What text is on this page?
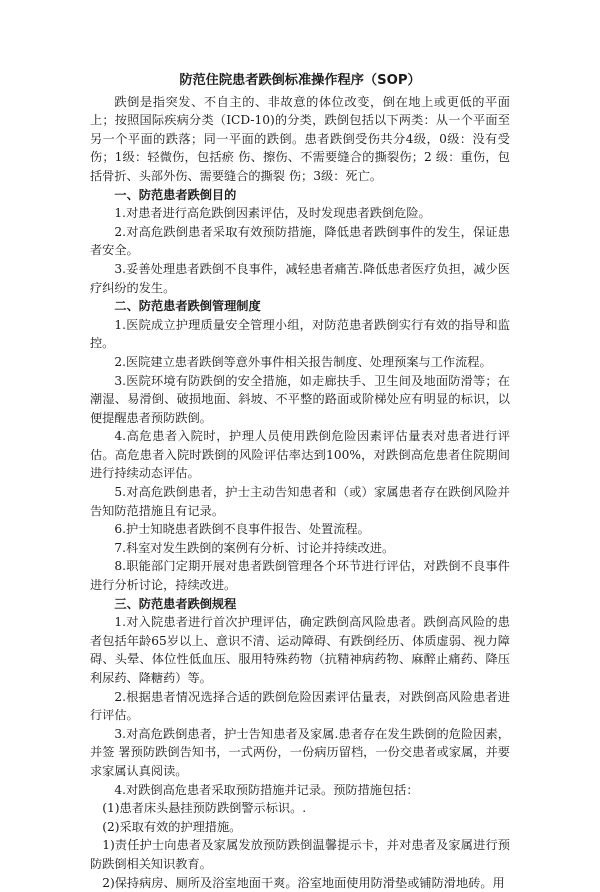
防范住院患者跌倒标准操作程序（SOP）

跌倒是指突发、不自主的、非故意的体位改变，倒在地上或更低的平面上；按照国际疾病分类（ICD-10)的分类，跌倒包括以下两类：从一个平面至另一个平面的跌落；同一平面的跌倒。患者跌倒受伤共分4级，0级：没有受伤；1级：轻微伤，包括瘀 伤、擦伤、不需要缝合的撕裂伤；2 级：重伤，包括骨折、头部外伤、需要缝合的撕裂 伤；3级：死亡。

一、防范患者跌倒目的

1.对患者进行高危跌倒因素评估，及时发现患者跌倒危险。

2.对高危跌倒患者采取有效预防措施，降低患者跌倒事件的发生，保证患者安全。

3.妥善处理患者跌倒不良事件，减轻患者痛苦.降低患者医疗负担，减少医疗纠纷的发生。

二、防范患者跌倒管理制度

1.医院成立护理质量安全管理小组，对防范患者跌倒实行有效的指导和监控。

2.医院建立患者跌倒等意外事件相关报告制度、处理预案与工作流程。

3.医院环境有防跌倒的安全措施，如走廊扶手、卫生间及地面防滑等；在潮湿、易滑倒、破损地面、斜坡、不平整的路面或阶梯处应有明显的标识，以便提醒患者预防跌倒。

4.高危患者入院时，护理人员使用跌倒危险因素评估量表对患者进行评估。高危患者入院时跌倒的风险评估率达到100%，对跌倒高危患者住院期间进行持续动态评估。

5.对高危跌倒患者，护士主动告知患者和（或）家属患者存在跌倒风险并告知防范措施且有记录。

6.护士知晓患者跌倒不良事件报告、处置流程。

7.科室对发生跌倒的案例有分析、讨论并持续改进。

8.职能部门定期开展对患者跌倒管理各个环节进行评估，对跌倒不良事件进行分析讨论，持续改进。

三、防范患者跌倒规程

1.对入院患者进行首次护理评估，确定跌倒高风险患者。跌倒高风险的患者包括年龄65岁以上、意识不清、运动障碍、有跌倒经历、体质虚弱、视力障碍、头晕、体位性低血压、服用特殊药物（抗精神病药物、麻醉止痛药、降压利尿药、降糖药）等。

2.根据患者情况选择合适的跌倒危险因素评估量表，对跌倒高风险患者进行评估。

3.对高危跌倒患者，护士告知患者及家属.患者存在发生跌倒的危险因素，并签 署预防跌倒告知书，一式两份，一份病历留档，一份交患者或家属，并要求家属认真阅读。

4.对跌倒高危患者采取预防措施并记录。预防措施包括：

(1)患者床头悬挂预防跌倒警示标识。.

(2)采取有效的护理措施。

1)责任护士向患者及家属发放预防跌倒温馨提示卡，并对患者及家属进行预防跌倒相关知识教育。

2)保持病房、厕所及浴室地面干爽。浴室地面使用防滑垫或铺防滑地砖。用
